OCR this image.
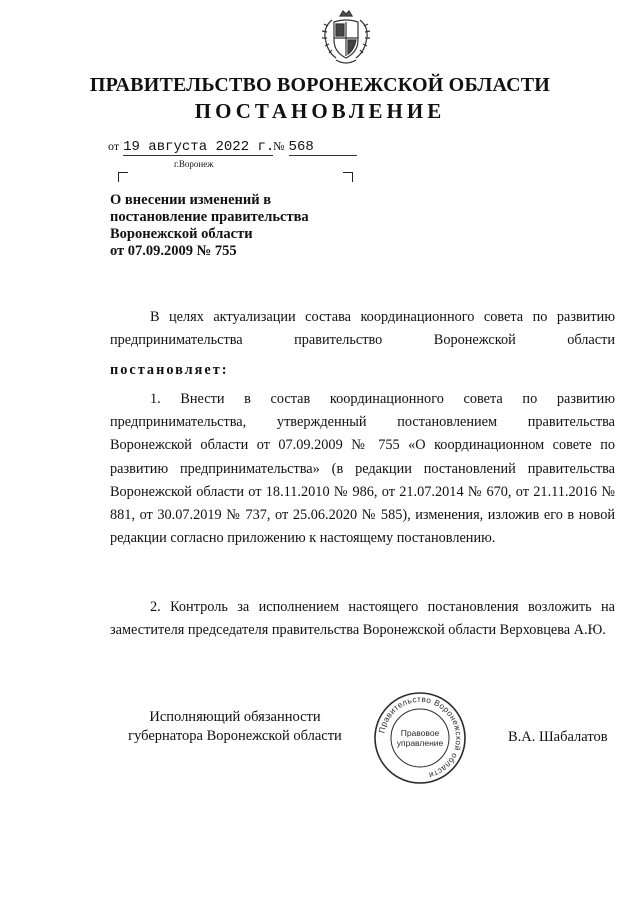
ПРАВИТЕЛЬСТВО ВОРОНЕЖСКОЙ ОБЛАСТИ
ПОСТАНОВЛЕНИЕ
от 19 августа 2022 г.№ 568
г.Воронеж
О внесении изменений в
постановление правительства
Воронежской области
от 07.09.2009 № 755
В целях актуализации состава координационного совета по развитию предпринимательства правительство Воронежской области
постановляет:
1. Внести в состав координационного совета по развитию предпринимательства, утвержденный постановлением правительства Воронежской области от 07.09.2009 № 755 «О координационном совете по развитию предпринимательства» (в редакции постановлений правительства Воронежской области от 18.11.2010 № 986, от 21.07.2014 № 670, от 21.11.2016 № 881, от 30.07.2019 № 737, от 25.06.2020 № 585), изменения, изложив его в новой редакции согласно приложению к настоящему постановлению.
2. Контроль за исполнением настоящего постановления возложить на заместителя председателя правительства Воронежской области Верховцева А.Ю.
Исполняющий обязанности
губернатора Воронежской области	Правительство Воронежской области
Правовое
управление	В.А. Шабалатов
